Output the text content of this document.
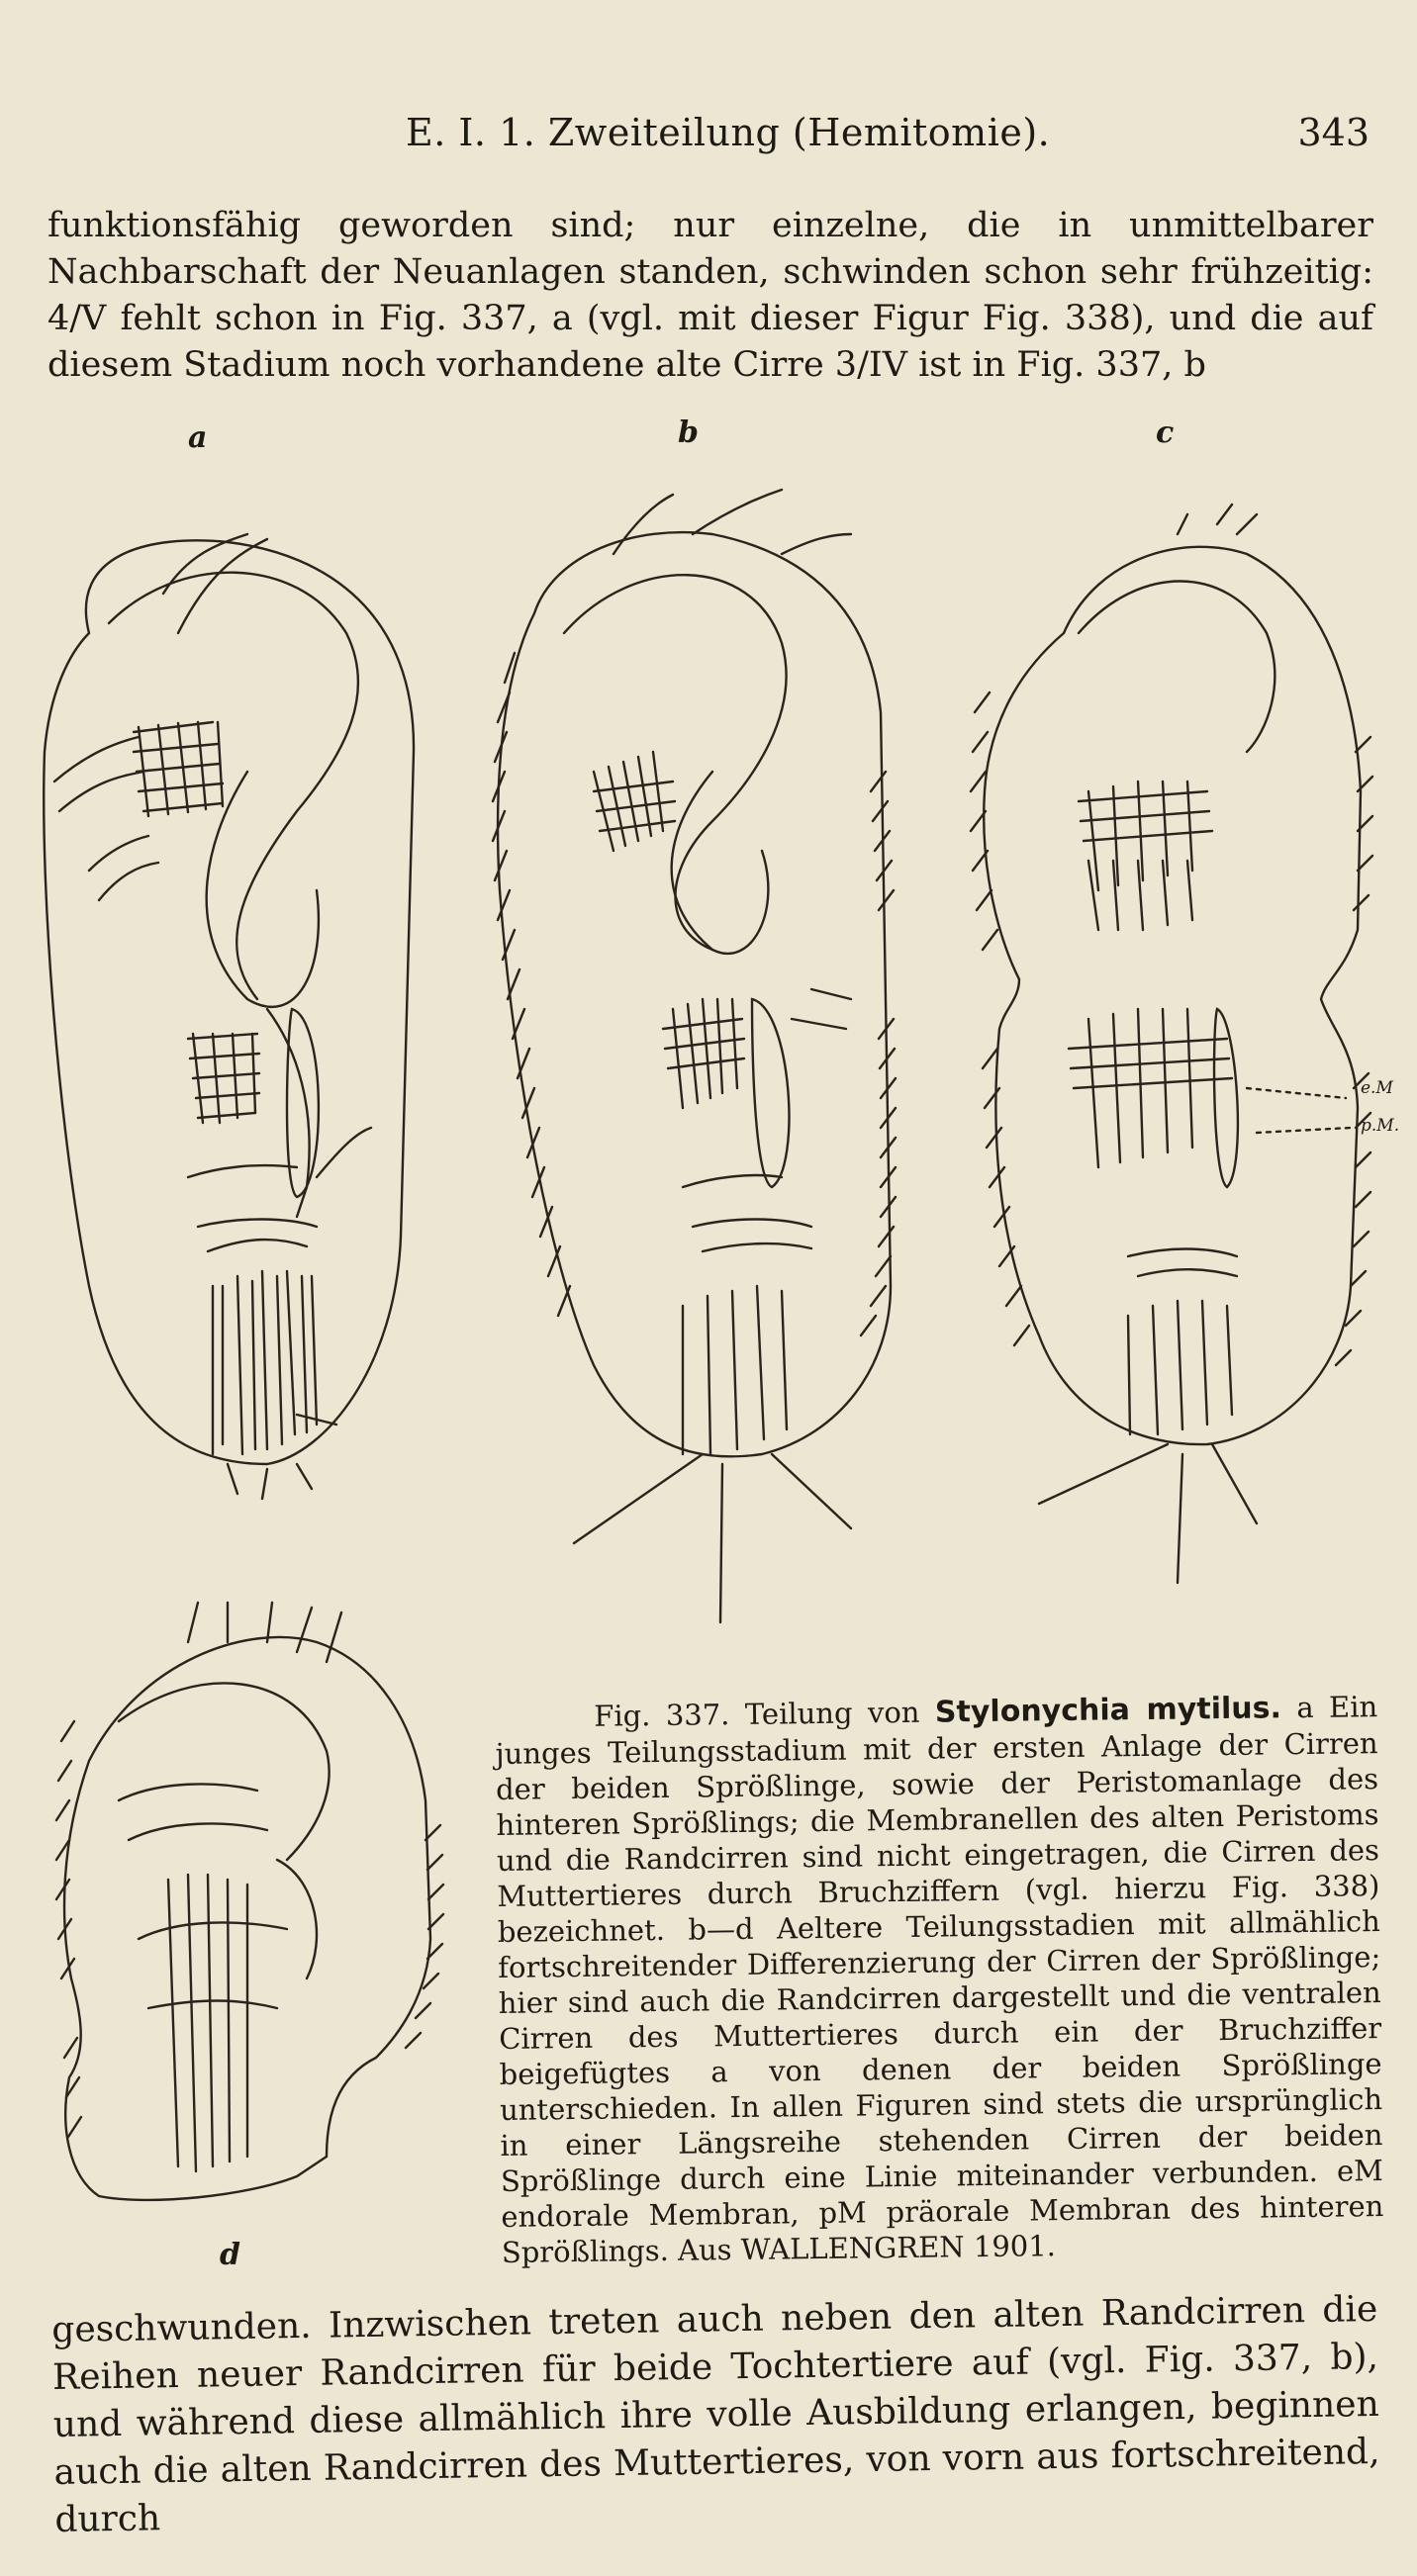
E. I. 1. Zweiteilung (Hemitomie).	343
funktionsfähig geworden sind; nur einzelne, die in unmittelbarer Nachbarschaft der Neuanlagen standen, schwinden schon sehr frühzeitig: 4/V fehlt schon in Fig. 337, a (vgl. mit dieser Figur Fig. 338), und die auf diesem Stadium noch vorhandene alte Cirre 3/IV ist in Fig. 337, b
a	b	c
d
e.M
p.M.

Fig. 337. Teilung von Stylonychia mytilus. a Ein junges Teilungsstadium mit der ersten Anlage der Cirren der beiden Sprößlinge, sowie der Peristomanlage des hinteren Sprößlings; die Membranellen des alten Peristoms und die Randcirren sind nicht eingetragen, die Cirren des Muttertieres durch Bruchziffern (vgl. hierzu Fig. 338) bezeichnet. b—d Aeltere Teilungsstadien mit allmählich fortschreitender Differenzierung der Cirren der Sprößlinge; hier sind auch die Randcirren dargestellt und die ventralen Cirren des Muttertieres durch ein der Bruchziffer beigefügtes a von denen der beiden Sprößlinge unterschieden. In allen Figuren sind stets die ursprünglich in einer Längsreihe stehenden Cirren der beiden Sprößlinge durch eine Linie miteinander verbunden. eM endorale Membran, pM präorale Membran des hinteren Sprößlings. Aus WALLENGREN 1901.

geschwunden. Inzwischen treten auch neben den alten Randcirren die Reihen neuer Randcirren für beide Tochtertiere auf (vgl. Fig. 337, b), und während diese allmählich ihre volle Ausbildung erlangen, beginnen auch die alten Randcirren des Muttertieres, von vorn aus fortschreitend, durch
